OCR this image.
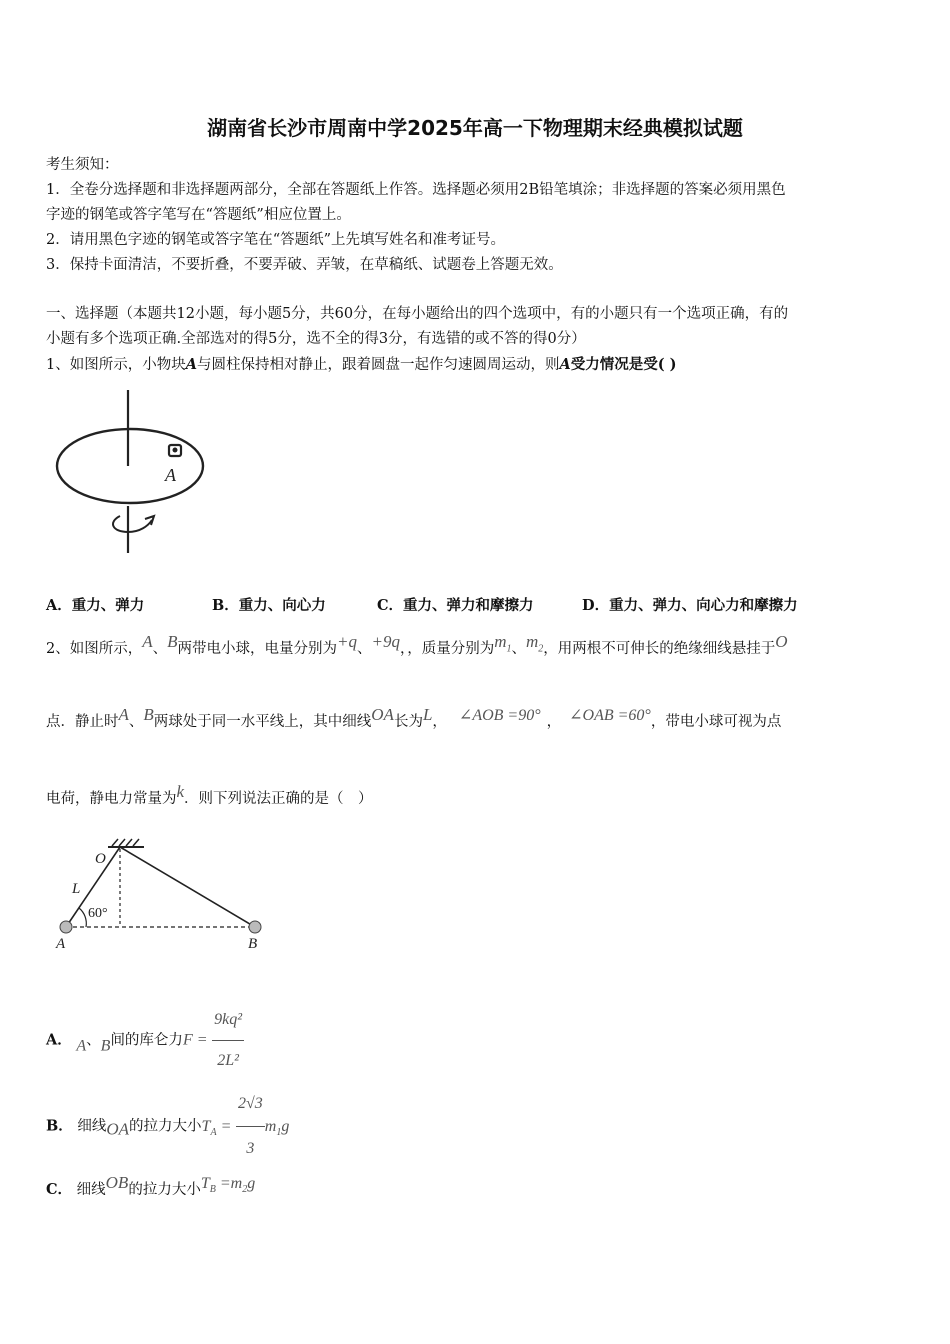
湖南省长沙市周南中学2025年高一下物理期末经典模拟试题
考生须知：
1．全卷分选择题和非选择题两部分，全部在答题纸上作答。选择题必须用2B铅笔填涂；非选择题的答案必须用黑色
字迹的钢笔或答字笔写在“答题纸”相应位置上。
2．请用黑色字迹的钢笔或答字笔在“答题纸”上先填写姓名和准考证号。
3．保持卡面清洁，不要折叠，不要弄破、弄皱，在草稿纸、试题卷上答题无效。
一、选择题（本题共12小题，每小题5分，共60分，在每小题给出的四个选项中，有的小题只有一个选项正确，有的
小题有多个选项正确.全部选对的得5分，选不全的得3分，有选错的或不答的得0分）
1、如图所示，小物块A与圆柱保持相对静止，跟着圆盘一起作匀速圆周运动，则A受力情况是受( )
A
A．重力、弹力	B．重力、向心力	C．重力、弹力和摩擦力	D．重力、弹力、向心力和摩擦力
2、如图所示，$^A$、$^B$两带电小球，电量分别为$^{+q}$、$^{+9q}$，，质量分别为$^{m_1}$、$^{m_2}$，用两根不可伸长的绝缘细线悬挂于$^O$
点．静止时$^A$、$^B$两球处于同一水平线上，其中细线$^{OA}$长为$^L$， $^{\angle AOB =90^\circ}$ ， $^{\angle OAB =60^\circ}$，带电小球可视为点
电荷，静电力常量为$^k$．则下列说法正确的是（　）
O
L
60°
A	B
A． A、B间的库仑力$F = \frac{\text{9kq²}}{\text{2L²}}$
B． 细线OA的拉力大小$T_A = \frac{2√3}{3} m_1g$
C． 细线$^{OB}$的拉力大小$^{T_B =m_2g}$
